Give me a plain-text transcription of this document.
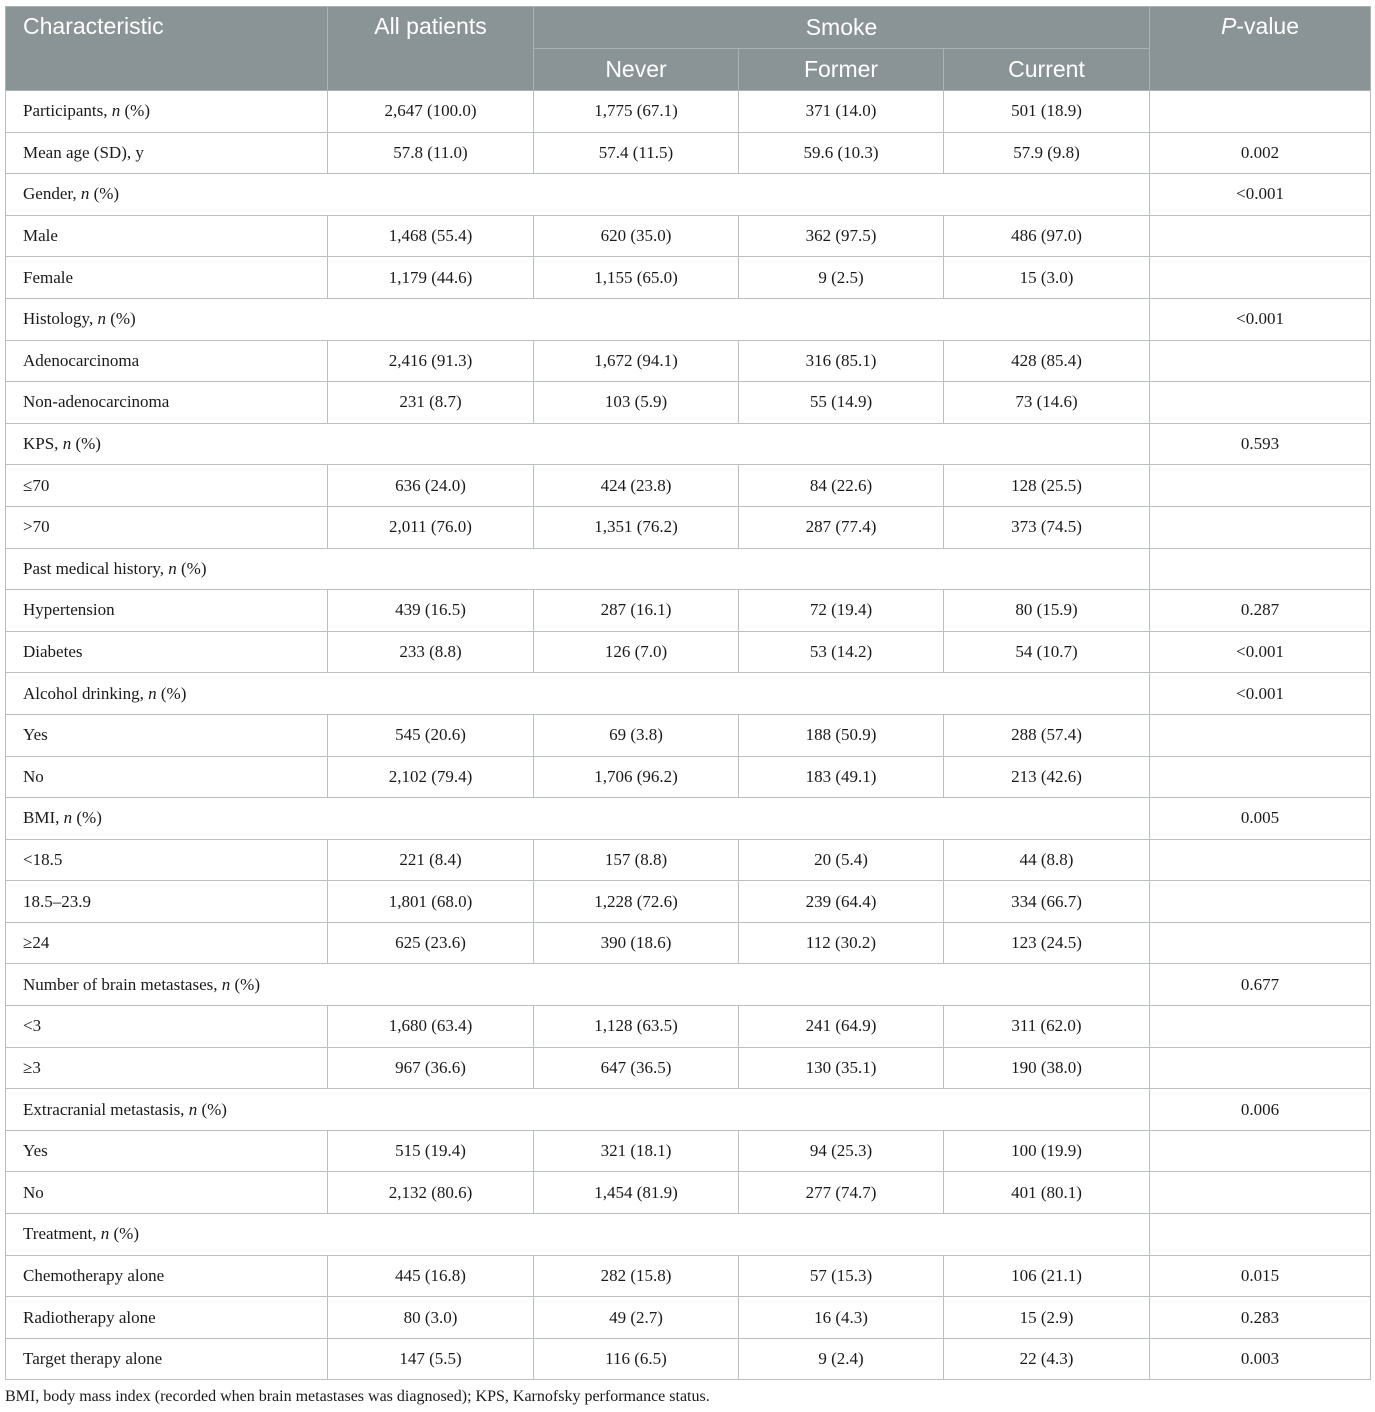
Characteristic	All patients	Smoke			P-value
		Never	Former	Current	
Participants, n (%)	2,647 (100.0)	1,775 (67.1)	371 (14.0)	501 (18.9)	
Mean age (SD), y	57.8 (11.0)	57.4 (11.5)	59.6 (10.3)	57.9 (9.8)	0.002
Gender, n (%)					<0.001
Male	1,468 (55.4)	620 (35.0)	362 (97.5)	486 (97.0)	
Female	1,179 (44.6)	1,155 (65.0)	9 (2.5)	15 (3.0)	
Histology, n (%)					<0.001
Adenocarcinoma	2,416 (91.3)	1,672 (94.1)	316 (85.1)	428 (85.4)	
Non-adenocarcinoma	231 (8.7)	103 (5.9)	55 (14.9)	73 (14.6)	
KPS, n (%)					0.593
≤70	636 (24.0)	424 (23.8)	84 (22.6)	128 (25.5)	
>70	2,011 (76.0)	1,351 (76.2)	287 (77.4)	373 (74.5)	
Past medical history, n (%)					
Hypertension	439 (16.5)	287 (16.1)	72 (19.4)	80 (15.9)	0.287
Diabetes	233 (8.8)	126 (7.0)	53 (14.2)	54 (10.7)	<0.001
Alcohol drinking, n (%)					<0.001
Yes	545 (20.6)	69 (3.8)	188 (50.9)	288 (57.4)	
No	2,102 (79.4)	1,706 (96.2)	183 (49.1)	213 (42.6)	
BMI, n (%)					0.005
<18.5	221 (8.4)	157 (8.8)	20 (5.4)	44 (8.8)	
18.5–23.9	1,801 (68.0)	1,228 (72.6)	239 (64.4)	334 (66.7)	
≥24	625 (23.6)	390 (18.6)	112 (30.2)	123 (24.5)	
Number of brain metastases, n (%)					0.677
<3	1,680 (63.4)	1,128 (63.5)	241 (64.9)	311 (62.0)	
≥3	967 (36.6)	647 (36.5)	130 (35.1)	190 (38.0)	
Extracranial metastasis, n (%)					0.006
Yes	515 (19.4)	321 (18.1)	94 (25.3)	100 (19.9)	
No	2,132 (80.6)	1,454 (81.9)	277 (74.7)	401 (80.1)	
Treatment, n (%)					
Chemotherapy alone	445 (16.8)	282 (15.8)	57 (15.3)	106 (21.1)	0.015
Radiotherapy alone	80 (3.0)	49 (2.7)	16 (4.3)	15 (2.9)	0.283
Target therapy alone	147 (5.5)	116 (6.5)	9 (2.4)	22 (4.3)	0.003
BMI, body mass index (recorded when brain metastases was diagnosed); KPS, Karnofsky performance status.
